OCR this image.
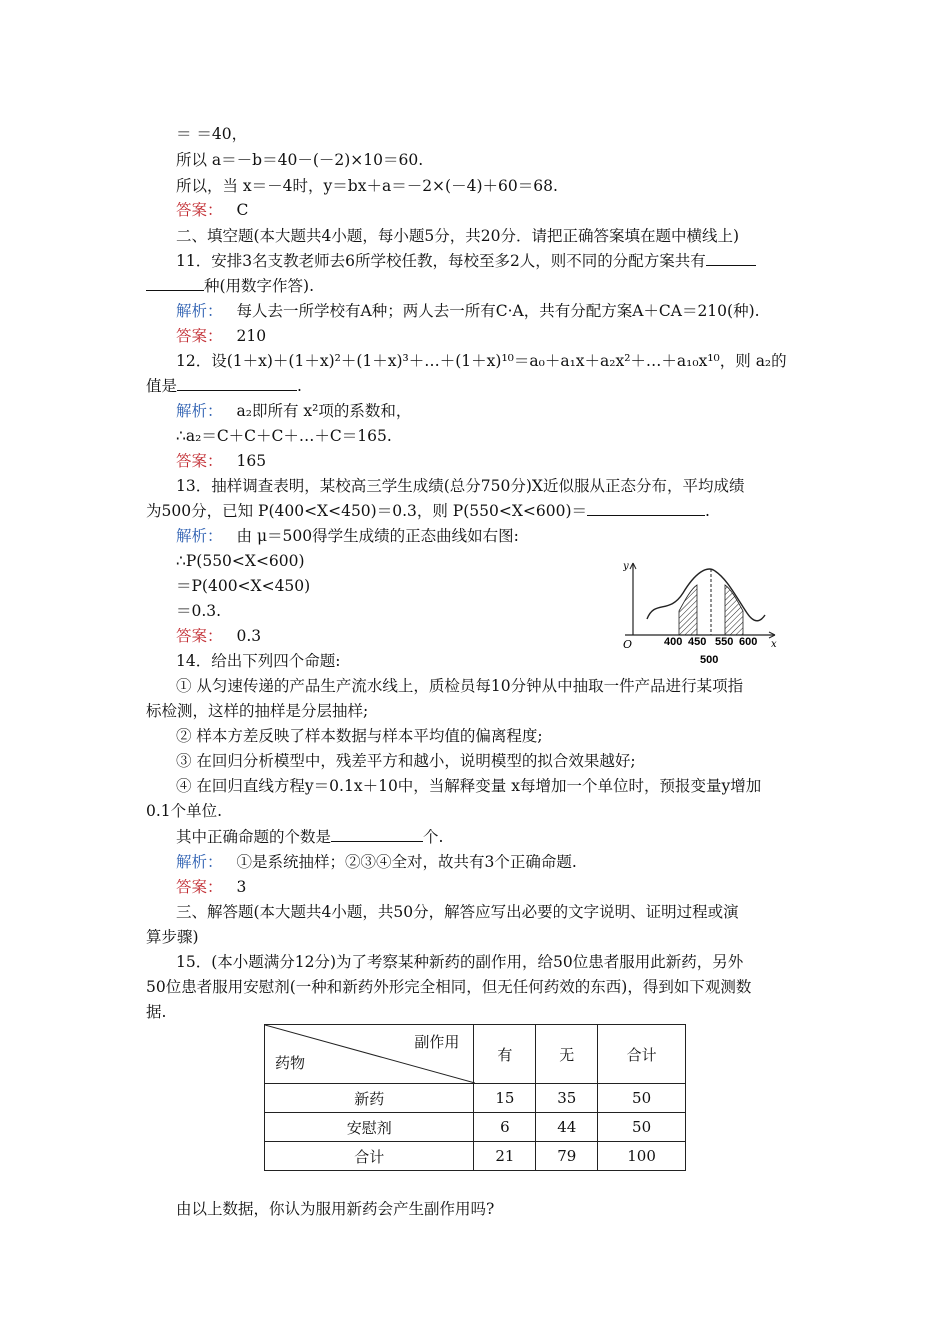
＝ ＝40，
所以 a＝－b＝40－(－2)×10＝60.
所以，当 x＝－4时，y＝bx＋a＝－2×(－4)＋60＝68.
答案： C
二、填空题(本大题共4小题，每小题5分，共20分．请把正确答案填在题中横线上)
11．安排3名支教老师去6所学校任教，每校至多2人，则不同的分配方案共有
种(用数字作答).
解析： 每人去一所学校有A种；两人去一所有C·A，共有分配方案A＋CA＝210(种).
答案： 210
12．设(1＋x)＋(1＋x)²＋(1＋x)³＋…＋(1＋x)¹⁰＝a₀＋a₁x＋a₂x²＋…＋a₁₀x¹⁰，则 a₂的
值是	.
解析： a₂即所有 x²项的系数和，
∴a₂＝C＋C＋C＋…＋C＝165.
答案： 165
13．抽样调查表明，某校高三学生成绩(总分750分)X近似服从正态分布，平均成绩
为500分，已知 P(400<X<450)＝0.3，则 P(550<X<600)＝	.
解析： 由 μ＝500得学生成绩的正态曲线如右图:
∴P(550<X<600)
＝P(400<X<450)
＝0.3.
答案： 0.3
y
x
O	400 450 550 600
500
14．给出下列四个命题:
① 从匀速传递的产品生产流水线上，质检员每10分钟从中抽取一件产品进行某项指
标检测，这样的抽样是分层抽样;
② 样本方差反映了样本数据与样本平均值的偏离程度;
③ 在回归分析模型中，残差平方和越小，说明模型的拟合效果越好;
④ 在回归直线方程y＝0.1x＋10中，当解释变量 x每增加一个单位时，预报变量y增加
0.1个单位.
其中正确命题的个数是	个.
解析： ①是系统抽样；②③④全对，故共有3个正确命题.
答案： 3
三、解答题(本大题共4小题，共50分，解答应写出必要的文字说明、证明过程或演
算步骤)
15．(本小题满分12分)为了考察某种新药的副作用，给50位患者服用此新药，另外
50位患者服用安慰剂(一种和新药外形完全相同，但无任何药效的东西)，得到如下观测数
据.
副作用
药物	有	无	合计
新药	15	35	50
安慰剂	6	44	50
合计	21	79	100
由以上数据，你认为服用新药会产生副作用吗?
